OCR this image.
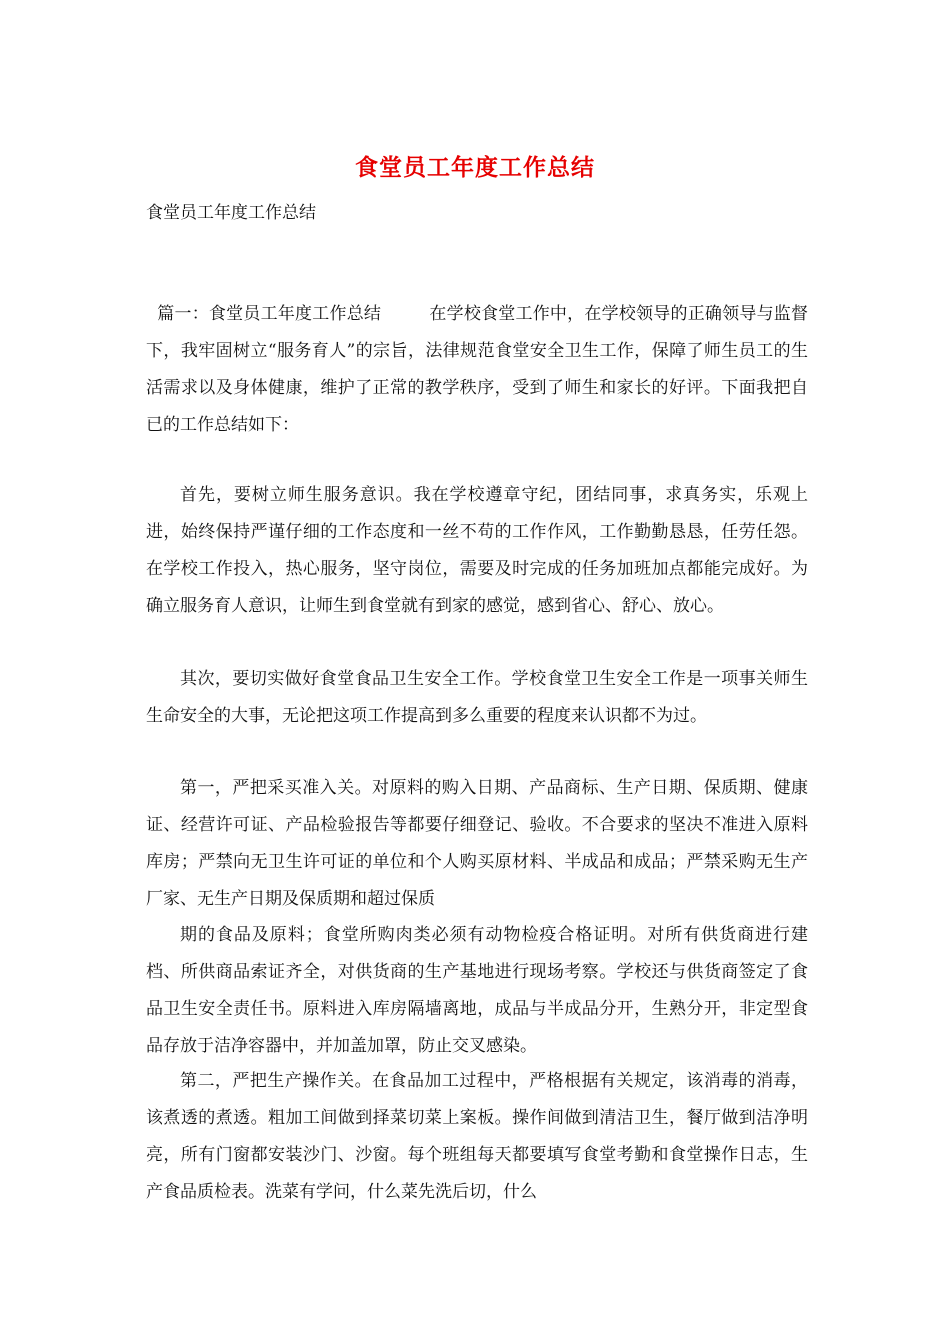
食堂员工年度工作总结
食堂员工年度工作总结

篇一：食堂员工年度工作总结	在学校食堂工作中，在学校领导的正确领导与监督下，我牢固树立“服务育人”的宗旨，法律规范食堂安全卫生工作，保障了师生员工的生活需求以及身体健康，维护了正常的教学秩序，受到了师生和家长的好评。下面我把自已的工作总结如下：

首先，要树立师生服务意识。我在学校遵章守纪，团结同事，求真务实，乐观上进，始终保持严谨仔细的工作态度和一丝不苟的工作作风，工作勤勤恳恳，任劳任怨。在学校工作投入，热心服务，坚守岗位，需要及时完成的任务加班加点都能完成好。为确立服务育人意识，让师生到食堂就有到家的感觉，感到省心、舒心、放心。

其次，要切实做好食堂食品卫生安全工作。学校食堂卫生安全工作是一项事关师生生命安全的大事，无论把这项工作提高到多么重要的程度来认识都不为过。

第一，严把采买准入关。对原料的购入日期、产品商标、生产日期、保质期、健康证、经营许可证、产品检验报告等都要仔细登记、验收。不合要求的坚决不准进入原料库房；严禁向无卫生许可证的单位和个人购买原材料、半成品和成品；严禁采购无生产厂家、无生产日期及保质期和超过保质

期的食品及原料；食堂所购肉类必须有动物检疫合格证明。对所有供货商进行建档、所供商品索证齐全，对供货商的生产基地进行现场考察。学校还与供货商签定了食品卫生安全责任书。原料进入库房隔墙离地，成品与半成品分开，生熟分开，非定型食品存放于洁净容器中，并加盖加罩，防止交叉感染。

第二，严把生产操作关。在食品加工过程中，严格根据有关规定，该消毒的消毒，该煮透的煮透。粗加工间做到择菜切菜上案板。操作间做到清洁卫生，餐厅做到洁净明亮，所有门窗都安装沙门、沙窗。每个班组每天都要填写食堂考勤和食堂操作日志，生产食品质检表。洗菜有学问，什么菜先洗后切，什么
